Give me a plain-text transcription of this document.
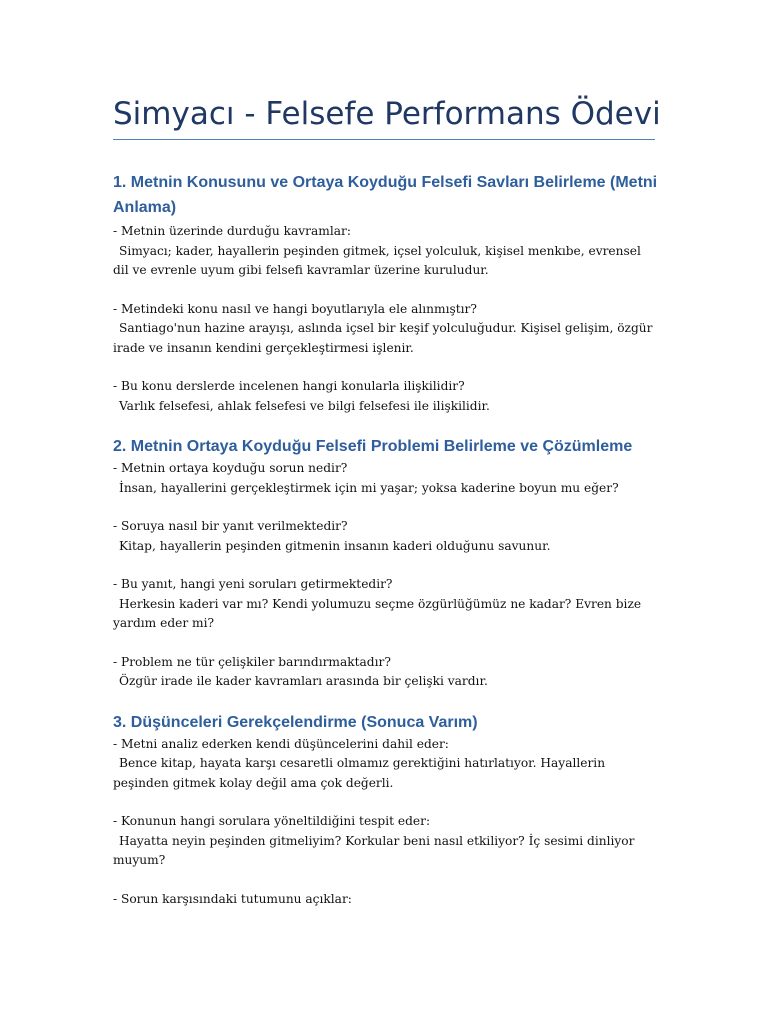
Simyacı - Felsefe Performans Ödevi
1. Metnin Konusunu ve Ortaya Koyduğu Felsefi Savları Belirleme (Metni Anlama)

- Metnin üzerinde durduğu kavramlar:

Simyacı; kader, hayallerin peşinden gitmek, içsel yolculuk, kişisel menkıbe, evrensel dil ve evrenle uyum gibi felsefi kavramlar üzerine kuruludur.

- Metindeki konu nasıl ve hangi boyutlarıyla ele alınmıştır?

Santiago'nun hazine arayışı, aslında içsel bir keşif yolculuğudur. Kişisel gelişim, özgür irade ve insanın kendini gerçekleştirmesi işlenir.

- Bu konu derslerde incelenen hangi konularla ilişkilidir?

Varlık felsefesi, ahlak felsefesi ve bilgi felsefesi ile ilişkilidir.

2. Metnin Ortaya Koyduğu Felsefi Problemi Belirleme ve Çözümleme

- Metnin ortaya koyduğu sorun nedir?

İnsan, hayallerini gerçekleştirmek için mi yaşar; yoksa kaderine boyun mu eğer?

- Soruya nasıl bir yanıt verilmektedir?

Kitap, hayallerin peşinden gitmenin insanın kaderi olduğunu savunur.

- Bu yanıt, hangi yeni soruları getirmektedir?

Herkesin kaderi var mı? Kendi yolumuzu seçme özgürlüğümüz ne kadar? Evren bize yardım eder mi?

- Problem ne tür çelişkiler barındırmaktadır?

Özgür irade ile kader kavramları arasında bir çelişki vardır.

3. Düşünceleri Gerekçelendirme (Sonuca Varım)

- Metni analiz ederken kendi düşüncelerini dahil eder:

Bence kitap, hayata karşı cesaretli olmamız gerektiğini hatırlatıyor. Hayallerin peşinden gitmek kolay değil ama çok değerli.

- Konunun hangi sorulara yöneltildiğini tespit eder:

Hayatta neyin peşinden gitmeliyim? Korkular beni nasıl etkiliyor? İç sesimi dinliyor muyum?

- Sorun karşısındaki tutumunu açıklar:
